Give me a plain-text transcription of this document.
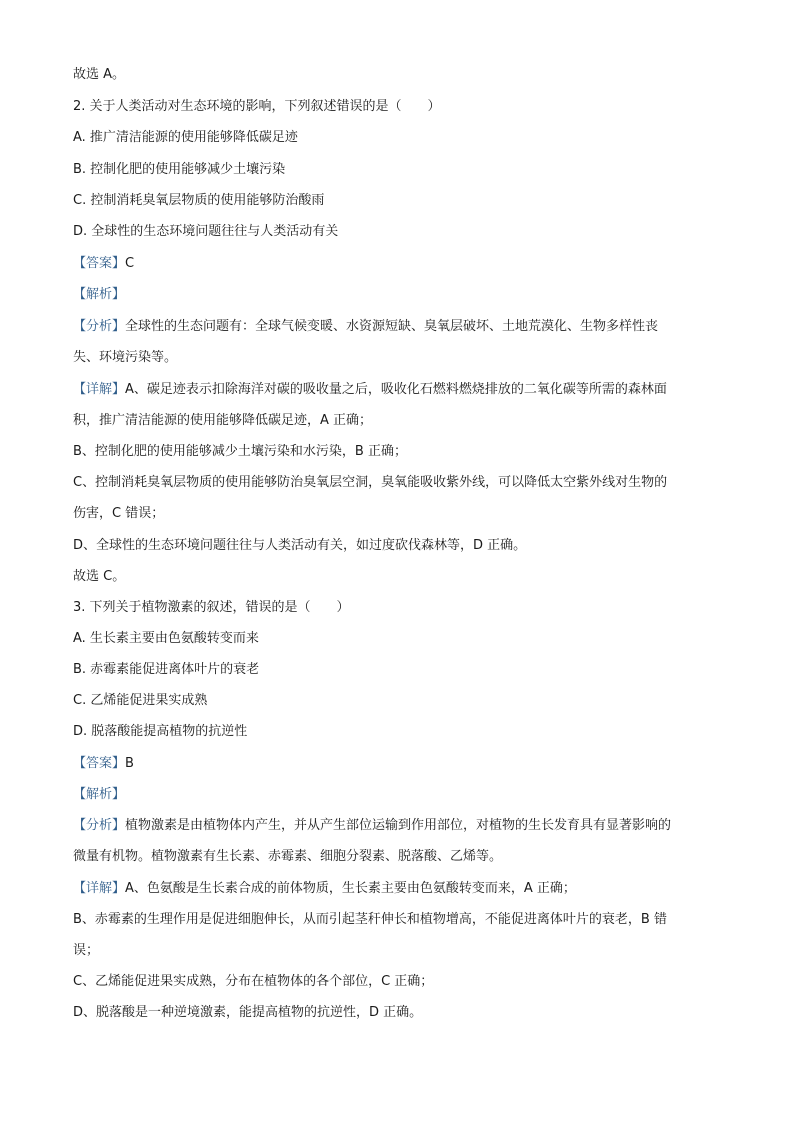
故选 A。
2. 关于人类活动对生态环境的影响，下列叙述错误的是（　　）
A. 推广清洁能源的使用能够降低碳足迹
B. 控制化肥的使用能够减少土壤污染
C. 控制消耗臭氧层物质的使用能够防治酸雨
D. 全球性的生态环境问题往往与人类活动有关
【答案】C
【解析】
【分析】全球性的生态问题有：全球气候变暖、水资源短缺、臭氧层破坏、土地荒漠化、生物多样性丧
失、环境污染等。
【详解】A、碳足迹表示扣除海洋对碳的吸收量之后，吸收化石燃料燃烧排放的二氧化碳等所需的森林面
积，推广清洁能源的使用能够降低碳足迹，A 正确；
B、控制化肥的使用能够减少土壤污染和水污染，B 正确；
C、控制消耗臭氧层物质的使用能够防治臭氧层空洞，臭氧能吸收紫外线，可以降低太空紫外线对生物的
伤害，C 错误；
D、全球性的生态环境问题往往与人类活动有关，如过度砍伐森林等，D 正确。
故选 C。
3. 下列关于植物激素的叙述，错误的是（　　）
A. 生长素主要由色氨酸转变而来
B. 赤霉素能促进离体叶片的衰老
C. 乙烯能促进果实成熟
D. 脱落酸能提高植物的抗逆性
【答案】B
【解析】
【分析】植物激素是由植物体内产生，并从产生部位运输到作用部位，对植物的生长发育具有显著影响的
微量有机物。植物激素有生长素、赤霉素、细胞分裂素、脱落酸、乙烯等。
【详解】A、色氨酸是生长素合成的前体物质，生长素主要由色氨酸转变而来，A 正确；
B、赤霉素的生理作用是促进细胞伸长，从而引起茎秆伸长和植物增高，不能促进离体叶片的衰老，B 错
误；
C、乙烯能促进果实成熟，分布在植物体的各个部位，C 正确；
D、脱落酸是一种逆境激素，能提高植物的抗逆性，D 正确。
